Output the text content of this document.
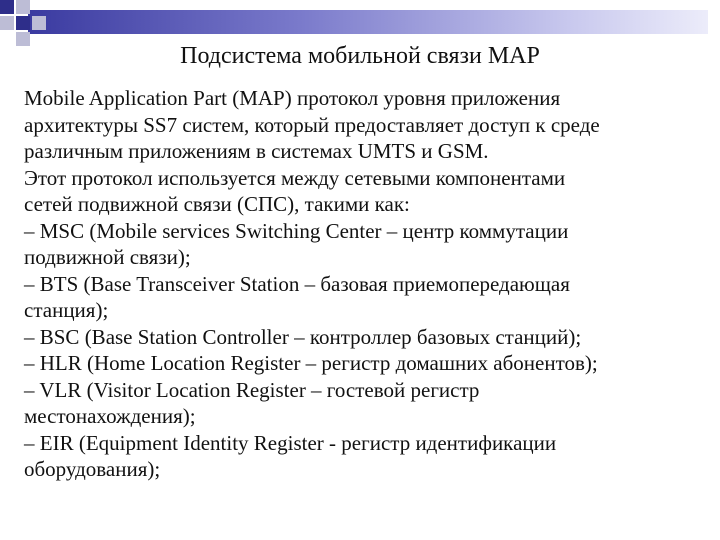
Подсистема мобильной связи MAP
Mobile Application Part (MAP) протокол уровня приложения
архитектуры SS7 систем, который предоставляет доступ к среде
различным приложениям в системах UMTS и GSM.
Этот протокол используется между сетевыми компонентами
сетей подвижной связи (СПС), такими как:
– MSC (Mobile services Switching Center – центр коммутации
подвижной связи);
– BTS (Base Transceiver Station – базовая приемопередающая
станция);
– BSC (Base Station Controller – контроллер базовых станций);
– HLR (Home Location Register – регистр домашних абонентов);
– VLR (Visitor Location Register – гостевой регистр
местонахождения);
– EIR (Equipment Identity Register - регистр идентификации
оборудования);
